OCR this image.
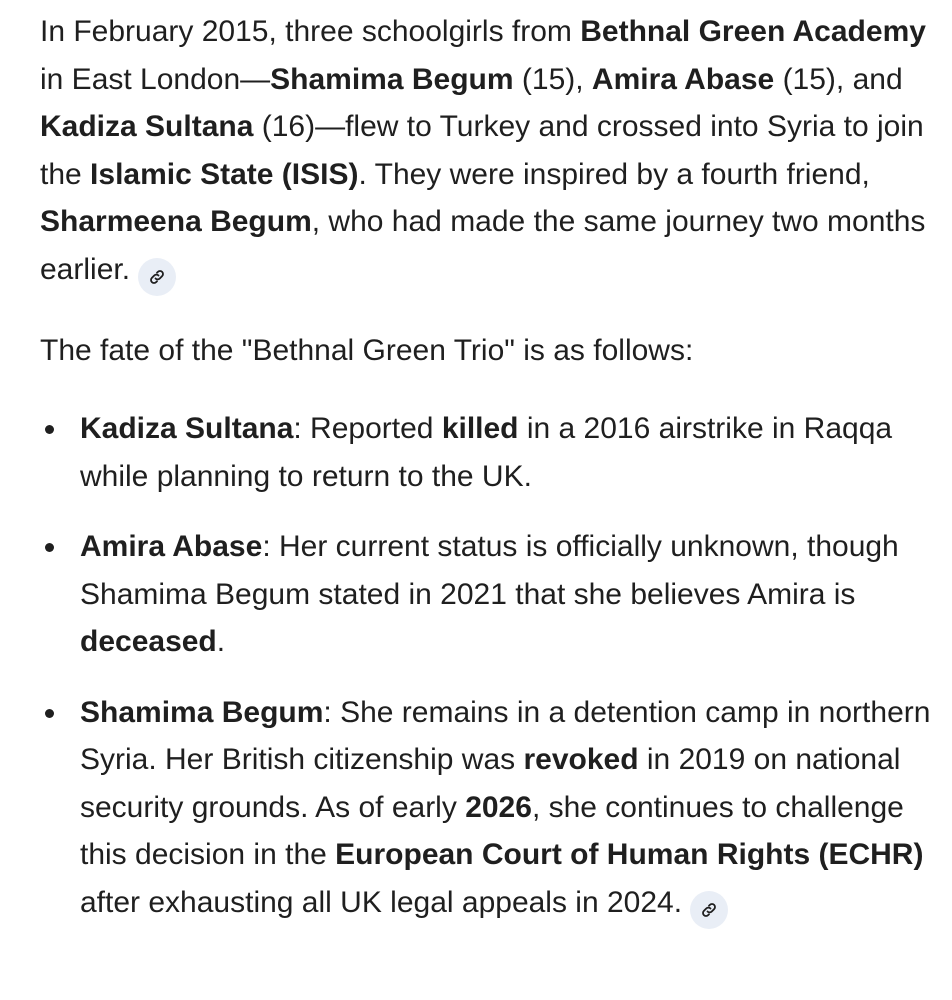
In February 2015, three schoolgirls from Bethnal Green Academy in East London—Shamima Begum (15), Amira Abase (15), and Kadiza Sultana (16)—flew to Turkey and crossed into Syria to join the Islamic State (ISIS). They were inspired by a fourth friend, Sharmeena Begum, who had made the same journey two months earlier.

The fate of the "Bethnal Green Trio" is as follows:

Kadiza Sultana: Reported killed in a 2016 airstrike in Raqqa while planning to return to the UK.
Amira Abase: Her current status is officially unknown, though Shamima Begum stated in 2021 that she believes Amira is deceased.
Shamima Begum: She remains in a detention camp in northern Syria. Her British citizenship was revoked in 2019 on national security grounds. As of early 2026, she continues to challenge this decision in the European Court of Human Rights (ECHR) after exhausting all UK legal appeals in 2024.
